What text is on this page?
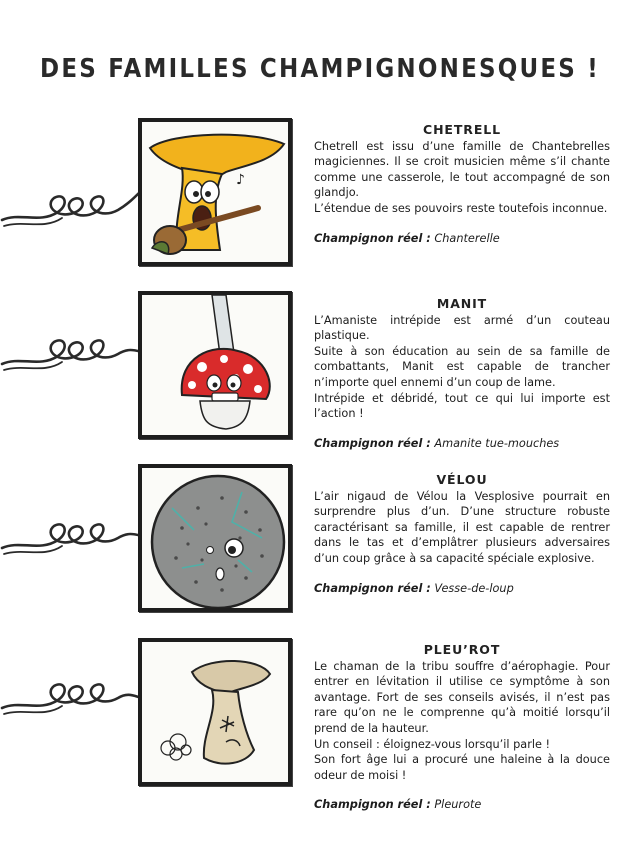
DES FAMILLES CHAMPIGNONESQUES !
♪

CHETRELL

Chetrell est issu d’une famille de Chantebrelles magiciennes. Il se croit musicien même s’il chante comme une casserole, le tout accompagné de son glandjo.
L’étendue de ses pouvoirs reste toutefois inconnue.

Champignon réel : Chanterelle

MANIT

L’Amaniste intrépide est armé d’un couteau plastique.
Suite à son éducation au sein de sa famille de combattants, Manit est capable de trancher n’importe quel ennemi d’un coup de lame.
Intrépide et débridé, tout ce qui lui importe est l’action !

Champignon réel : Amanite tue-mouches

VÉLOU

L’air nigaud de Vélou la Vesplosive pourrait en surprendre plus d’un. D’une structure robuste caractérisant sa famille, il est capable de rentrer dans le tas et d’emplâtrer plusieurs adversaires d’un coup grâce à sa capacité spéciale explosive.

Champignon réel : Vesse-de-loup

PLEU’ROT

Le chaman de la tribu souffre d’aérophagie. Pour entrer en lévitation il utilise ce symptôme à son avantage. Fort de ses conseils avisés, il n’est pas rare qu’on ne le comprenne qu’à moitié lorsqu’il prend de la hauteur.
Un conseil : éloignez-vous lorsqu’il parle !
Son fort âge lui a procuré une haleine à la douce odeur de moisi !

Champignon réel : Pleurote
